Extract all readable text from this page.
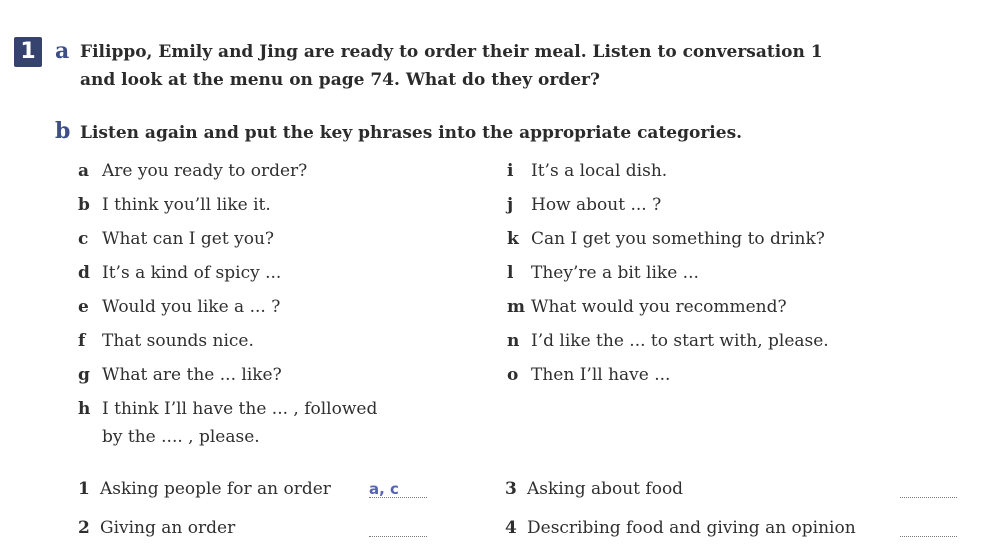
1 a Filippo, Emily and Jing are ready to order their meal. Listen to conversation 1
and look at the menu on page 74. What do they order?
b Listen again and put the key phrases into the appropriate categories.
a Are you ready to order?
b I think you’ll like it.
c What can I get you?
d It’s a kind of spicy ...
e Would you like a ... ?
f That sounds nice.
g What are the ... like?
h I think I’ll have the ... , followed
by the .... , please.
i It’s a local dish.
j How about ... ?
k Can I get you something to drink?
l They’re a bit like ...
m What would you recommend?
n I’d like the ... to start with, please.
o Then I’ll have ...
1 Asking people for an order	a, c
2 Giving an order
3 Asking about food
4 Describing food and giving an opinion
